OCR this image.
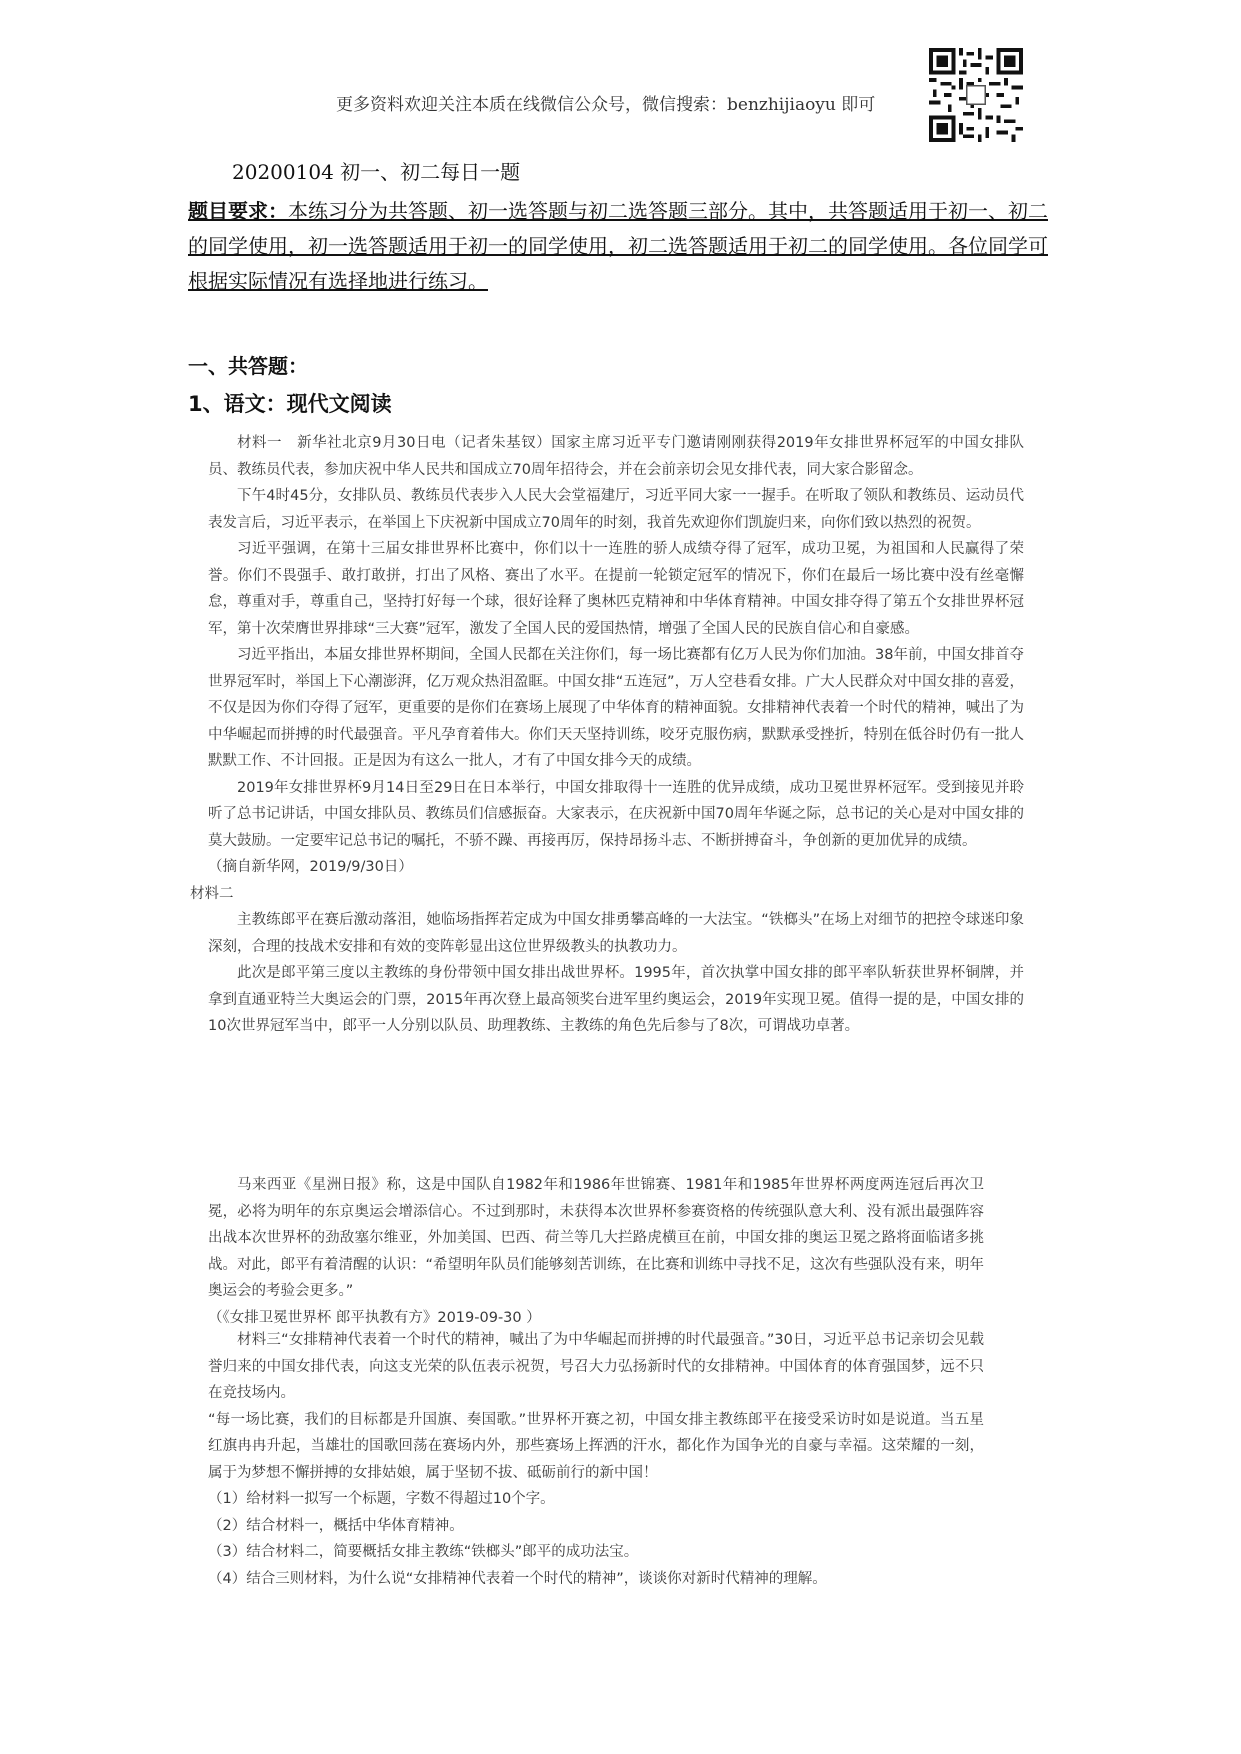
更多资料欢迎关注本质在线微信公众号，微信搜索：benzhijiaoyu 即可
20200104 初一、初二每日一题
题目要求：本练习分为共答题、初一选答题与初二选答题三部分。其中，共答题适用于初一、初二的同学使用，初一选答题适用于初一的同学使用，初二选答题适用于初二的同学使用。各位同学可根据实际情况有选择地进行练习。
一、共答题：
1、语文：现代文阅读

材料一　新华社北京9月30日电（记者朱基钗）国家主席习近平专门邀请刚刚获得2019年女排世界杯冠军的中国女排队员、教练员代表，参加庆祝中华人民共和国成立70周年招待会，并在会前亲切会见女排代表，同大家合影留念。

下午4时45分，女排队员、教练员代表步入人民大会堂福建厅，习近平同大家一一握手。在听取了领队和教练员、运动员代表发言后，习近平表示，在举国上下庆祝新中国成立70周年的时刻，我首先欢迎你们凯旋归来，向你们致以热烈的祝贺。

习近平强调，在第十三届女排世界杯比赛中，你们以十一连胜的骄人成绩夺得了冠军，成功卫冕，为祖国和人民赢得了荣誉。你们不畏强手、敢打敢拼，打出了风格、赛出了水平。在提前一轮锁定冠军的情况下，你们在最后一场比赛中没有丝毫懈怠，尊重对手，尊重自己，坚持打好每一个球，很好诠释了奥林匹克精神和中华体育精神。中国女排夺得了第五个女排世界杯冠军，第十次荣膺世界排球“三大赛”冠军，激发了全国人民的爱国热情，增强了全国人民的民族自信心和自豪感。

习近平指出，本届女排世界杯期间，全国人民都在关注你们，每一场比赛都有亿万人民为你们加油。38年前，中国女排首夺世界冠军时，举国上下心潮澎湃，亿万观众热泪盈眶。中国女排“五连冠”，万人空巷看女排。广大人民群众对中国女排的喜爱，不仅是因为你们夺得了冠军，更重要的是你们在赛场上展现了中华体育的精神面貌。女排精神代表着一个时代的精神，喊出了为中华崛起而拼搏的时代最强音。平凡孕育着伟大。你们天天坚持训练，咬牙克服伤病，默默承受挫折，特别在低谷时仍有一批人默默工作、不计回报。正是因为有这么一批人，才有了中国女排今天的成绩。

2019年女排世界杯9月14日至29日在日本举行，中国女排取得十一连胜的优异成绩，成功卫冕世界杯冠军。受到接见并聆听了总书记讲话，中国女排队员、教练员们信感振奋。大家表示，在庆祝新中国70周年华诞之际，总书记的关心是对中国女排的莫大鼓励。一定要牢记总书记的嘱托，不骄不躁、再接再厉，保持昂扬斗志、不断拼搏奋斗，争创新的更加优异的成绩。

（摘自新华网，2019/9/30日）

材料二

主教练郎平在赛后激动落泪，她临场指挥若定成为中国女排勇攀高峰的一大法宝。“铁榔头”在场上对细节的把控令球迷印象深刻，合理的技战术安排和有效的变阵彰显出这位世界级教头的执教功力。

此次是郎平第三度以主教练的身份带领中国女排出战世界杯。1995年，首次执掌中国女排的郎平率队斩获世界杯铜牌，并拿到直通亚特兰大奥运会的门票，2015年再次登上最高领奖台进军里约奥运会，2019年实现卫冕。值得一提的是，中国女排的10次世界冠军当中，郎平一人分别以队员、助理教练、主教练的角色先后参与了8次，可谓战功卓著。

马来西亚《星洲日报》称，这是中国队自1982年和1986年世锦赛、1981年和1985年世界杯两度两连冠后再次卫冕，必将为明年的东京奥运会增添信心。不过到那时，未获得本次世界杯参赛资格的传统强队意大利、没有派出最强阵容出战本次世界杯的劲敌塞尔维亚，外加美国、巴西、荷兰等几大拦路虎横亘在前，中国女排的奥运卫冕之路将面临诸多挑战。对此，郎平有着清醒的认识：“希望明年队员们能够刻苦训练，在比赛和训练中寻找不足，这次有些强队没有来，明年奥运会的考验会更多。”

（《女排卫冕世界杯 郎平执教有方》2019-09-30 ）

材料三“女排精神代表着一个时代的精神，喊出了为中华崛起而拼搏的时代最强音。”30日，习近平总书记亲切会见载誉归来的中国女排代表，向这支光荣的队伍表示祝贺，号召大力弘扬新时代的女排精神。中国体育的体育强国梦，远不只在竞技场内。

“每一场比赛，我们的目标都是升国旗、奏国歌。”世界杯开赛之初，中国女排主教练郎平在接受采访时如是说道。当五星红旗冉冉升起，当雄壮的国歌回荡在赛场内外，那些赛场上挥洒的汗水，都化作为国争光的自豪与幸福。这荣耀的一刻，属于为梦想不懈拼搏的女排姑娘，属于坚韧不拔、砥砺前行的新中国！

（1）给材料一拟写一个标题，字数不得超过10个字。

（2）结合材料一，概括中华体育精神。

（3）结合材料二，简要概括女排主教练“铁榔头”郎平的成功法宝。

（4）结合三则材料，为什么说“女排精神代表着一个时代的精神”，谈谈你对新时代精神的理解。
